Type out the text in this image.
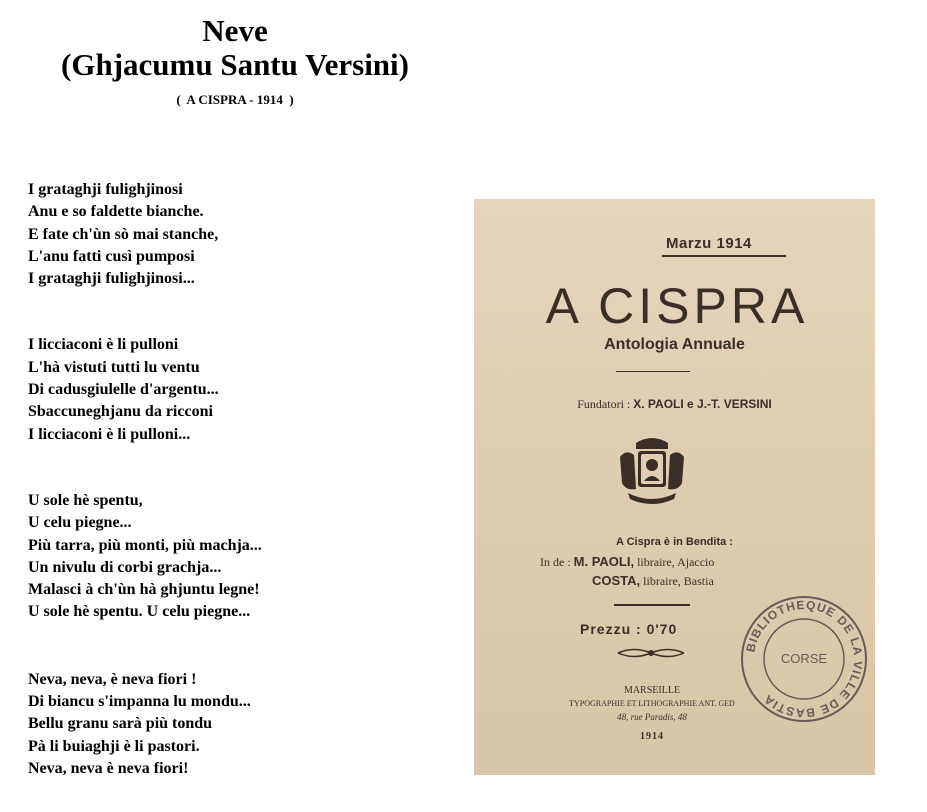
Neve
(Ghjacumu Santu Versini)
(  A CISPRA - 1914  )
I grataghji fulighjinosi
Anu e so faldette bianche.
E fate ch'ùn sò mai stanche,
L'anu fatti cusì pumposi
I grataghji fulighjinosi...
I licciaconi è li pulloni
L'hà vistuti tutti lu ventu
Di cadusgiulelle d'argentu...
Sbaccuneghjanu da ricconi
I licciaconi è li pulloni...
U sole hè spentu,
U celu piegne...
Più tarra, più monti, più machja...
Un nivulu di corbi grachja...
Malasci à ch'ùn hà ghjuntu legne!
U sole hè spentu. U celu piegne...
Neva, neva, è neva fiori !
Di biancu s'impanna lu mondu...
Bellu granu sarà più tondu
Pà li buiaghji è li pastori.
Neva, neva è neva fiori!
Marzu 1914
A CISPRA
Antologia Annuale
Fundatori : X. PAOLI e J.-T. VERSINI
A Cispra è in Bendita :
In de : M. PAOLI, libraire, Ajaccio
COSTA, libraire, Bastia
Prezzu : 0'70
MARSEILLE
TYPOGRAPHIE ET LITHOGRAPHIE ANT. GED
48, rue Paradis, 48
1914
BIBLIOTHEQUE DE LA VILLE DE BASTIA
CORSE
